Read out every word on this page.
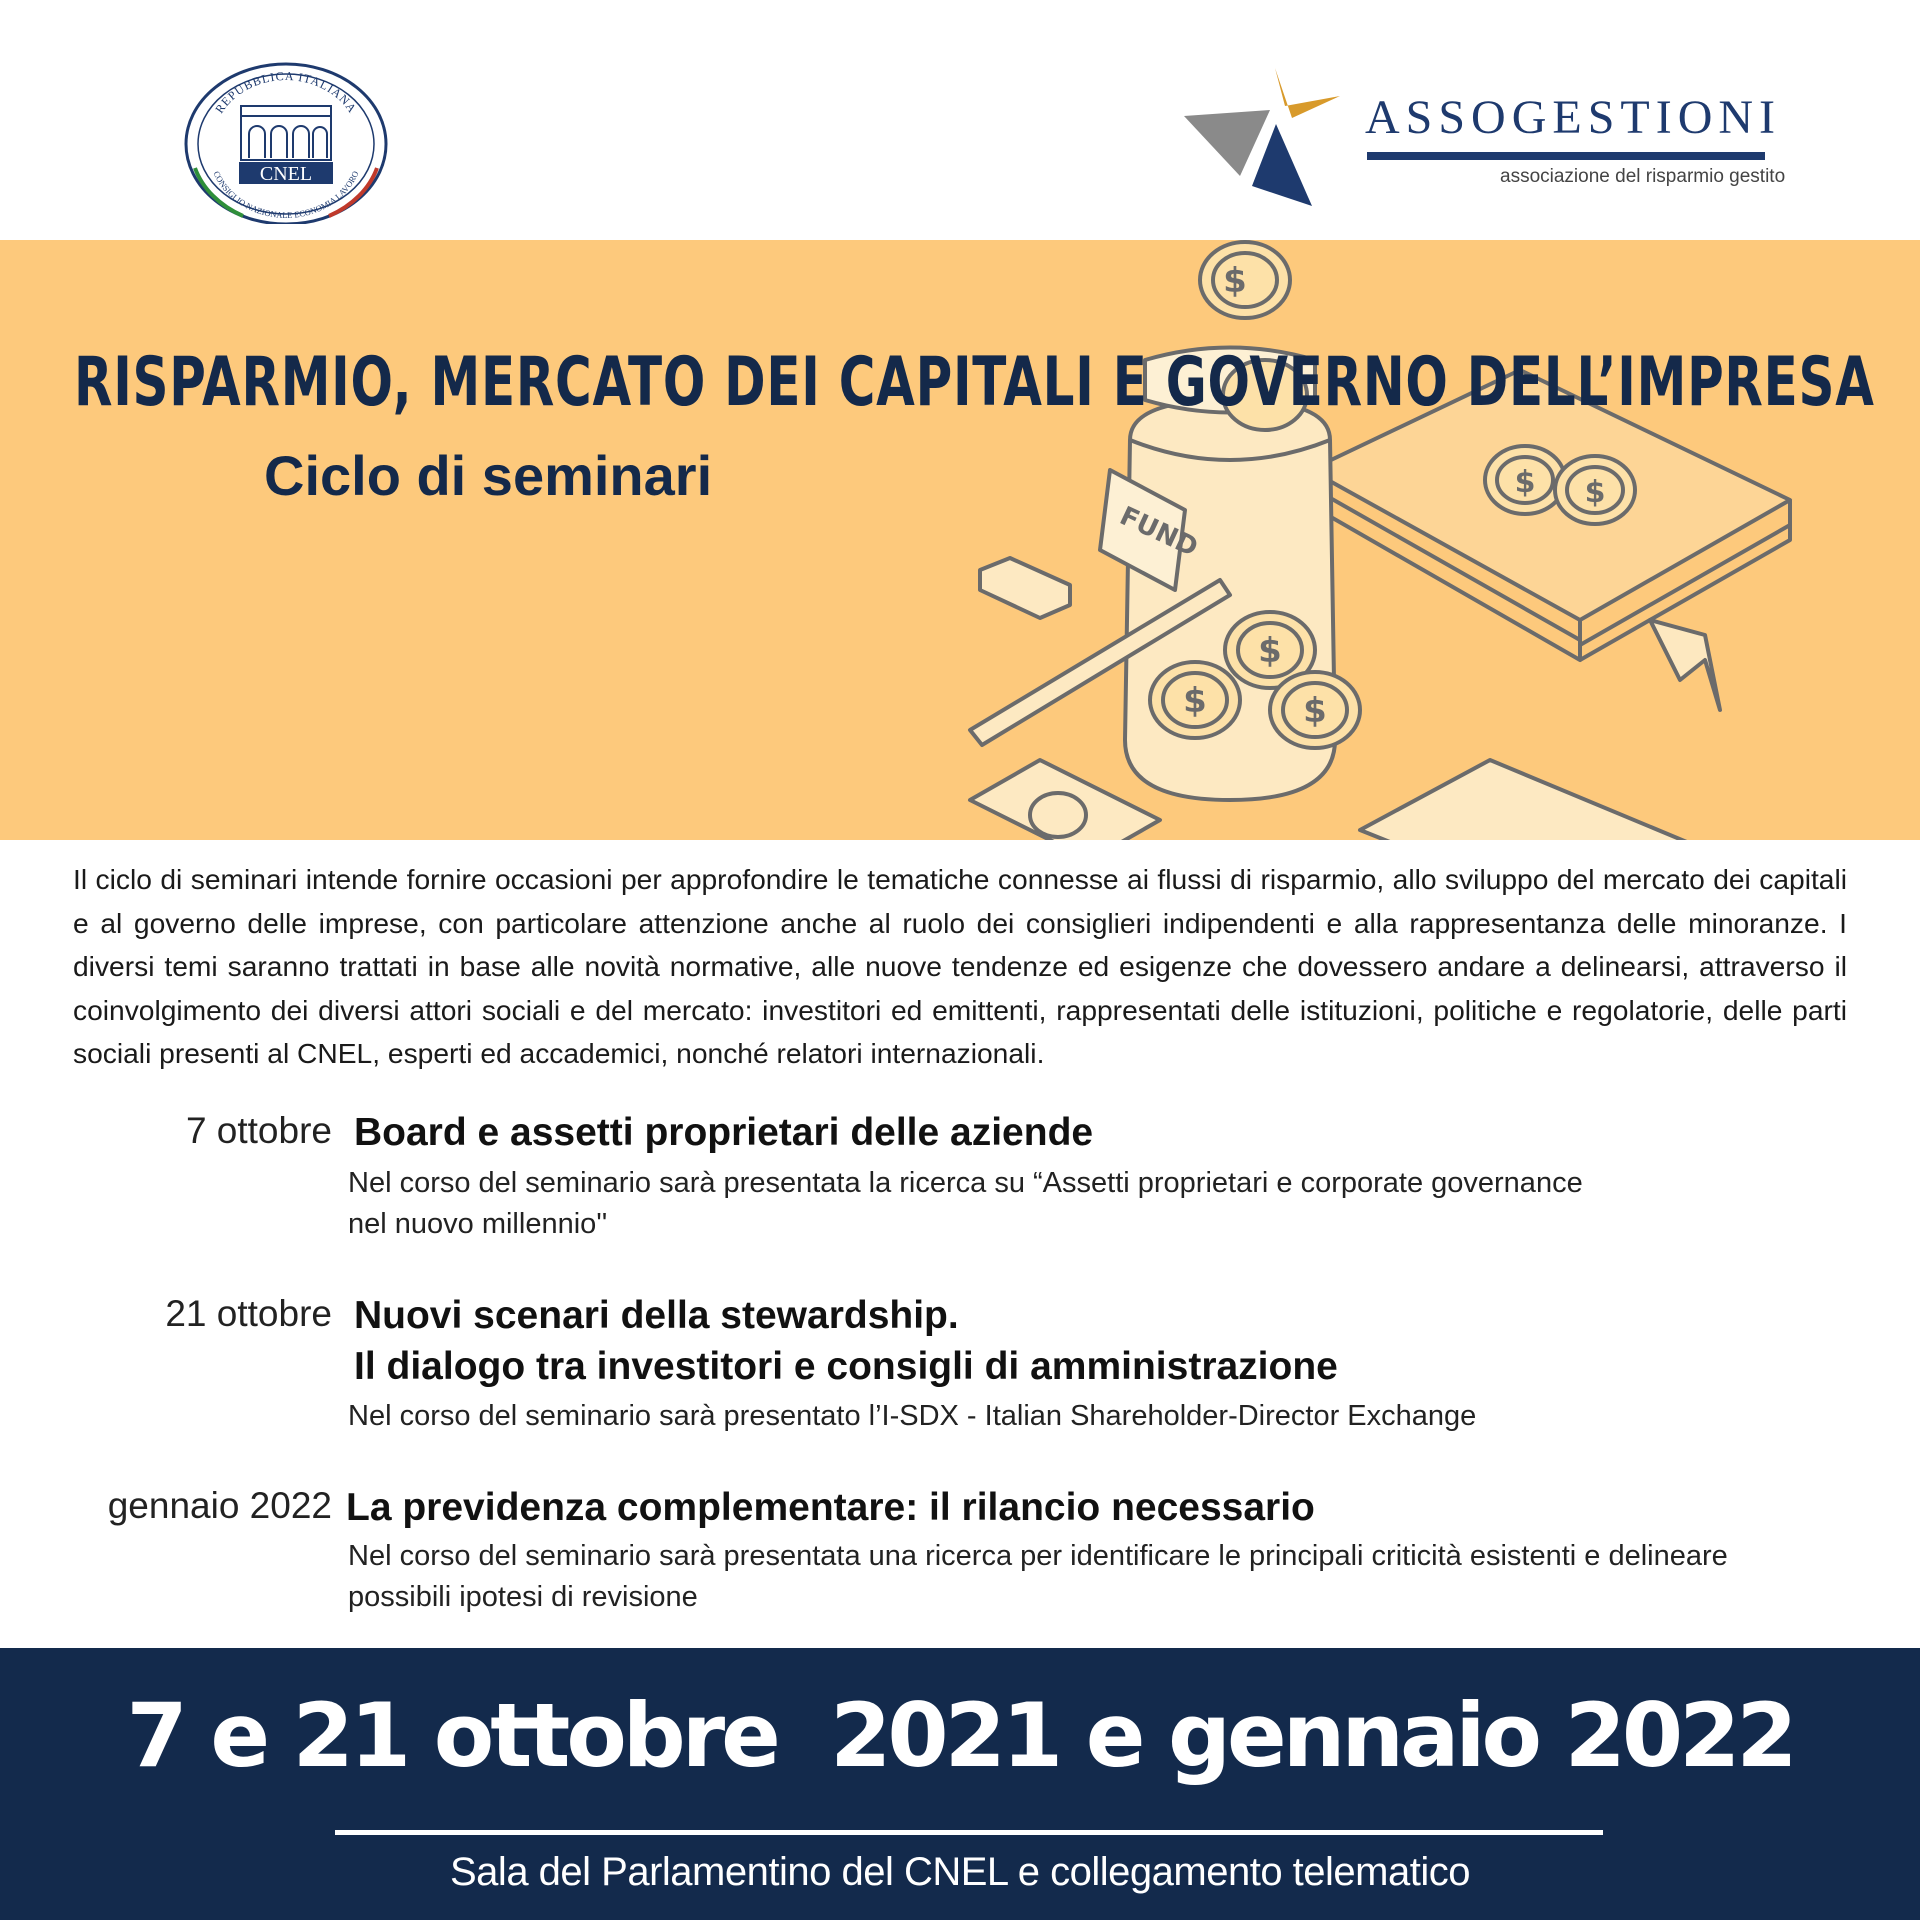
REPUBBLICA ITALIANA
CONSIGLIO NAZIONALE ECONOMIA LAVORO
CNEL
ASSOGESTIONI
associazione del risparmio gestito
$
$ $
$
$
$
FUND
RISPARMIO, MERCATO DEI CAPITALI E GOVERNO DELL’IMPRESA
Ciclo di seminari

Il ciclo di seminari intende fornire occasioni per approfondire le tematiche connesse ai flussi di risparmio, allo sviluppo del mercato dei capitali e al governo delle imprese, con particolare attenzione anche al ruolo dei consiglieri indipendenti e alla rappresentanza delle minoranze. I diversi temi saranno trattati in base alle novità normative, alle nuove tendenze ed esigenze che dovessero andare a delinearsi, attraverso il coinvolgimento dei diversi attori sociali e del mercato: investitori ed emittenti, rappresentati delle istituzioni, politiche e regolatorie, delle parti sociali presenti al CNEL, esperti ed accademici, nonché relatori internazionali.

7 ottobre Board e assetti proprietari delle aziende
Nel corso del seminario sarà presentata la ricerca su “Assetti proprietari e corporate governance
nel nuovo millennio''
21 ottobre Nuovi scenari della stewardship.
Il dialogo tra investitori e consigli di amministrazione
Nel corso del seminario sarà presentato l’I-SDX - Italian Shareholder-Director Exchange
gennaio 2022 La previdenza complementare: il rilancio necessario
Nel corso del seminario sarà presentata una ricerca per identificare le principali criticità esistenti e delineare
possibili ipotesi di revisione
7 e 21 ottobre  2021 e gennaio 2022
Sala del Parlamentino del CNEL e collegamento telematico
